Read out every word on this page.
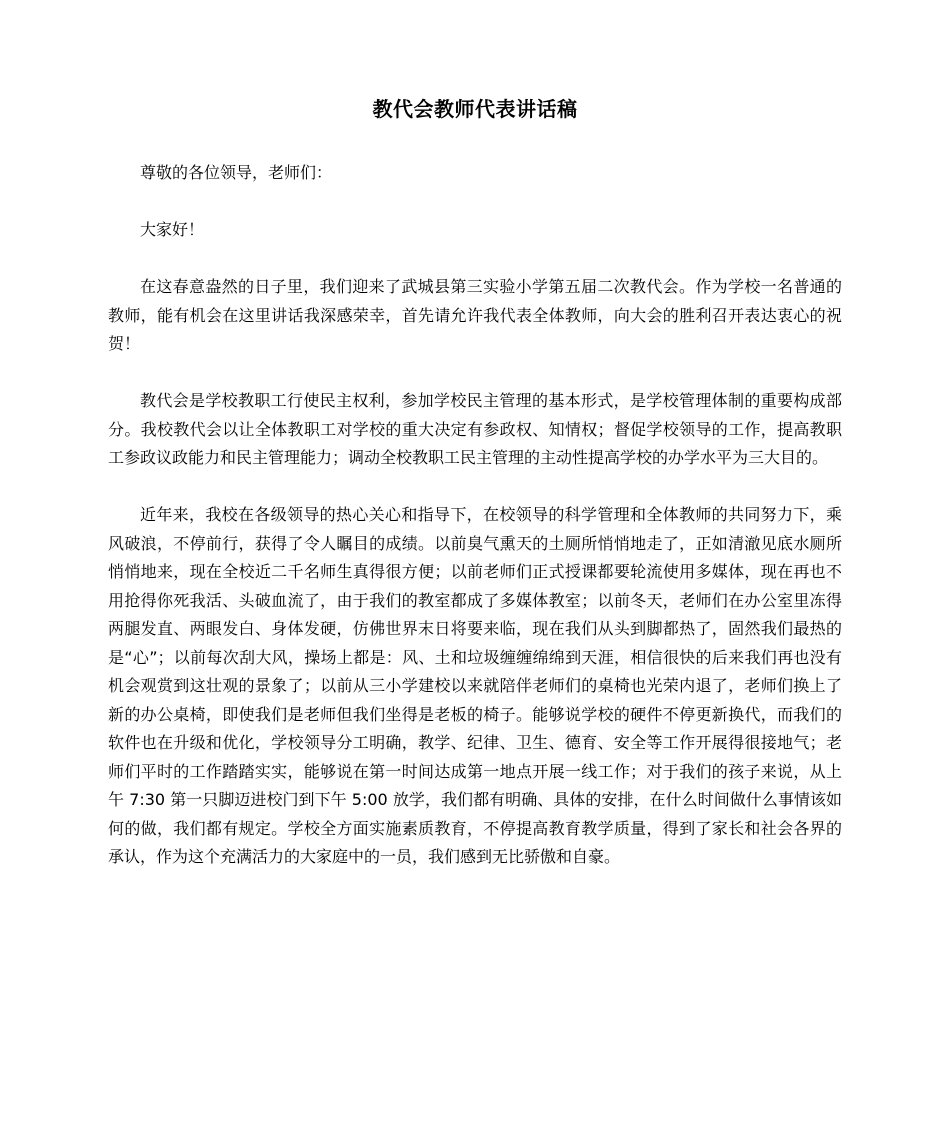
教代会教师代表讲话稿

尊敬的各位领导，老师们：

大家好！

在这春意盎然的日子里，我们迎来了武城县第三实验小学第五届二次教代会。作为学校一名普通的教师，能有机会在这里讲话我深感荣幸，首先请允许我代表全体教师，向大会的胜利召开表达衷心的祝贺！

教代会是学校教职工行使民主权利，参加学校民主管理的基本形式，是学校管理体制的重要构成部分。我校教代会以让全体教职工对学校的重大决定有参政权、知情权；督促学校领导的工作，提高教职工参政议政能力和民主管理能力；调动全校教职工民主管理的主动性提高学校的办学水平为三大目的。

近年来，我校在各级领导的热心关心和指导下，在校领导的科学管理和全体教师的共同努力下，乘风破浪，不停前行，获得了令人瞩目的成绩。以前臭气熏天的土厕所悄悄地走了，正如清澈见底水厕所悄悄地来，现在全校近二千名师生真得很方便；以前老师们正式授课都要轮流使用多媒体，现在再也不用抢得你死我活、头破血流了，由于我们的教室都成了多媒体教室；以前冬天，老师们在办公室里冻得两腿发直、两眼发白、身体发硬，仿佛世界末日将要来临，现在我们从头到脚都热了，固然我们最热的是“心”；以前每次刮大风，操场上都是：风、土和垃圾缠缠绵绵到天涯，相信很快的后来我们再也没有机会观赏到这壮观的景象了；以前从三小学建校以来就陪伴老师们的桌椅也光荣内退了，老师们换上了新的办公桌椅，即使我们是老师但我们坐得是老板的椅子。能够说学校的硬件不停更新换代，而我们的软件也在升级和优化，学校领导分工明确，教学、纪律、卫生、德育、安全等工作开展得很接地气；老师们平时的工作踏踏实实，能够说在第一时间达成第一地点开展一线工作；对于我们的孩子来说，从上午 7:30 第一只脚迈进校门到下午 5:00 放学，我们都有明确、具体的安排，在什么时间做什么事情该如何的做，我们都有规定。学校全方面实施素质教育，不停提高教育教学质量，得到了家长和社会各界的承认，作为这个充满活力的大家庭中的一员，我们感到无比骄傲和自豪。
